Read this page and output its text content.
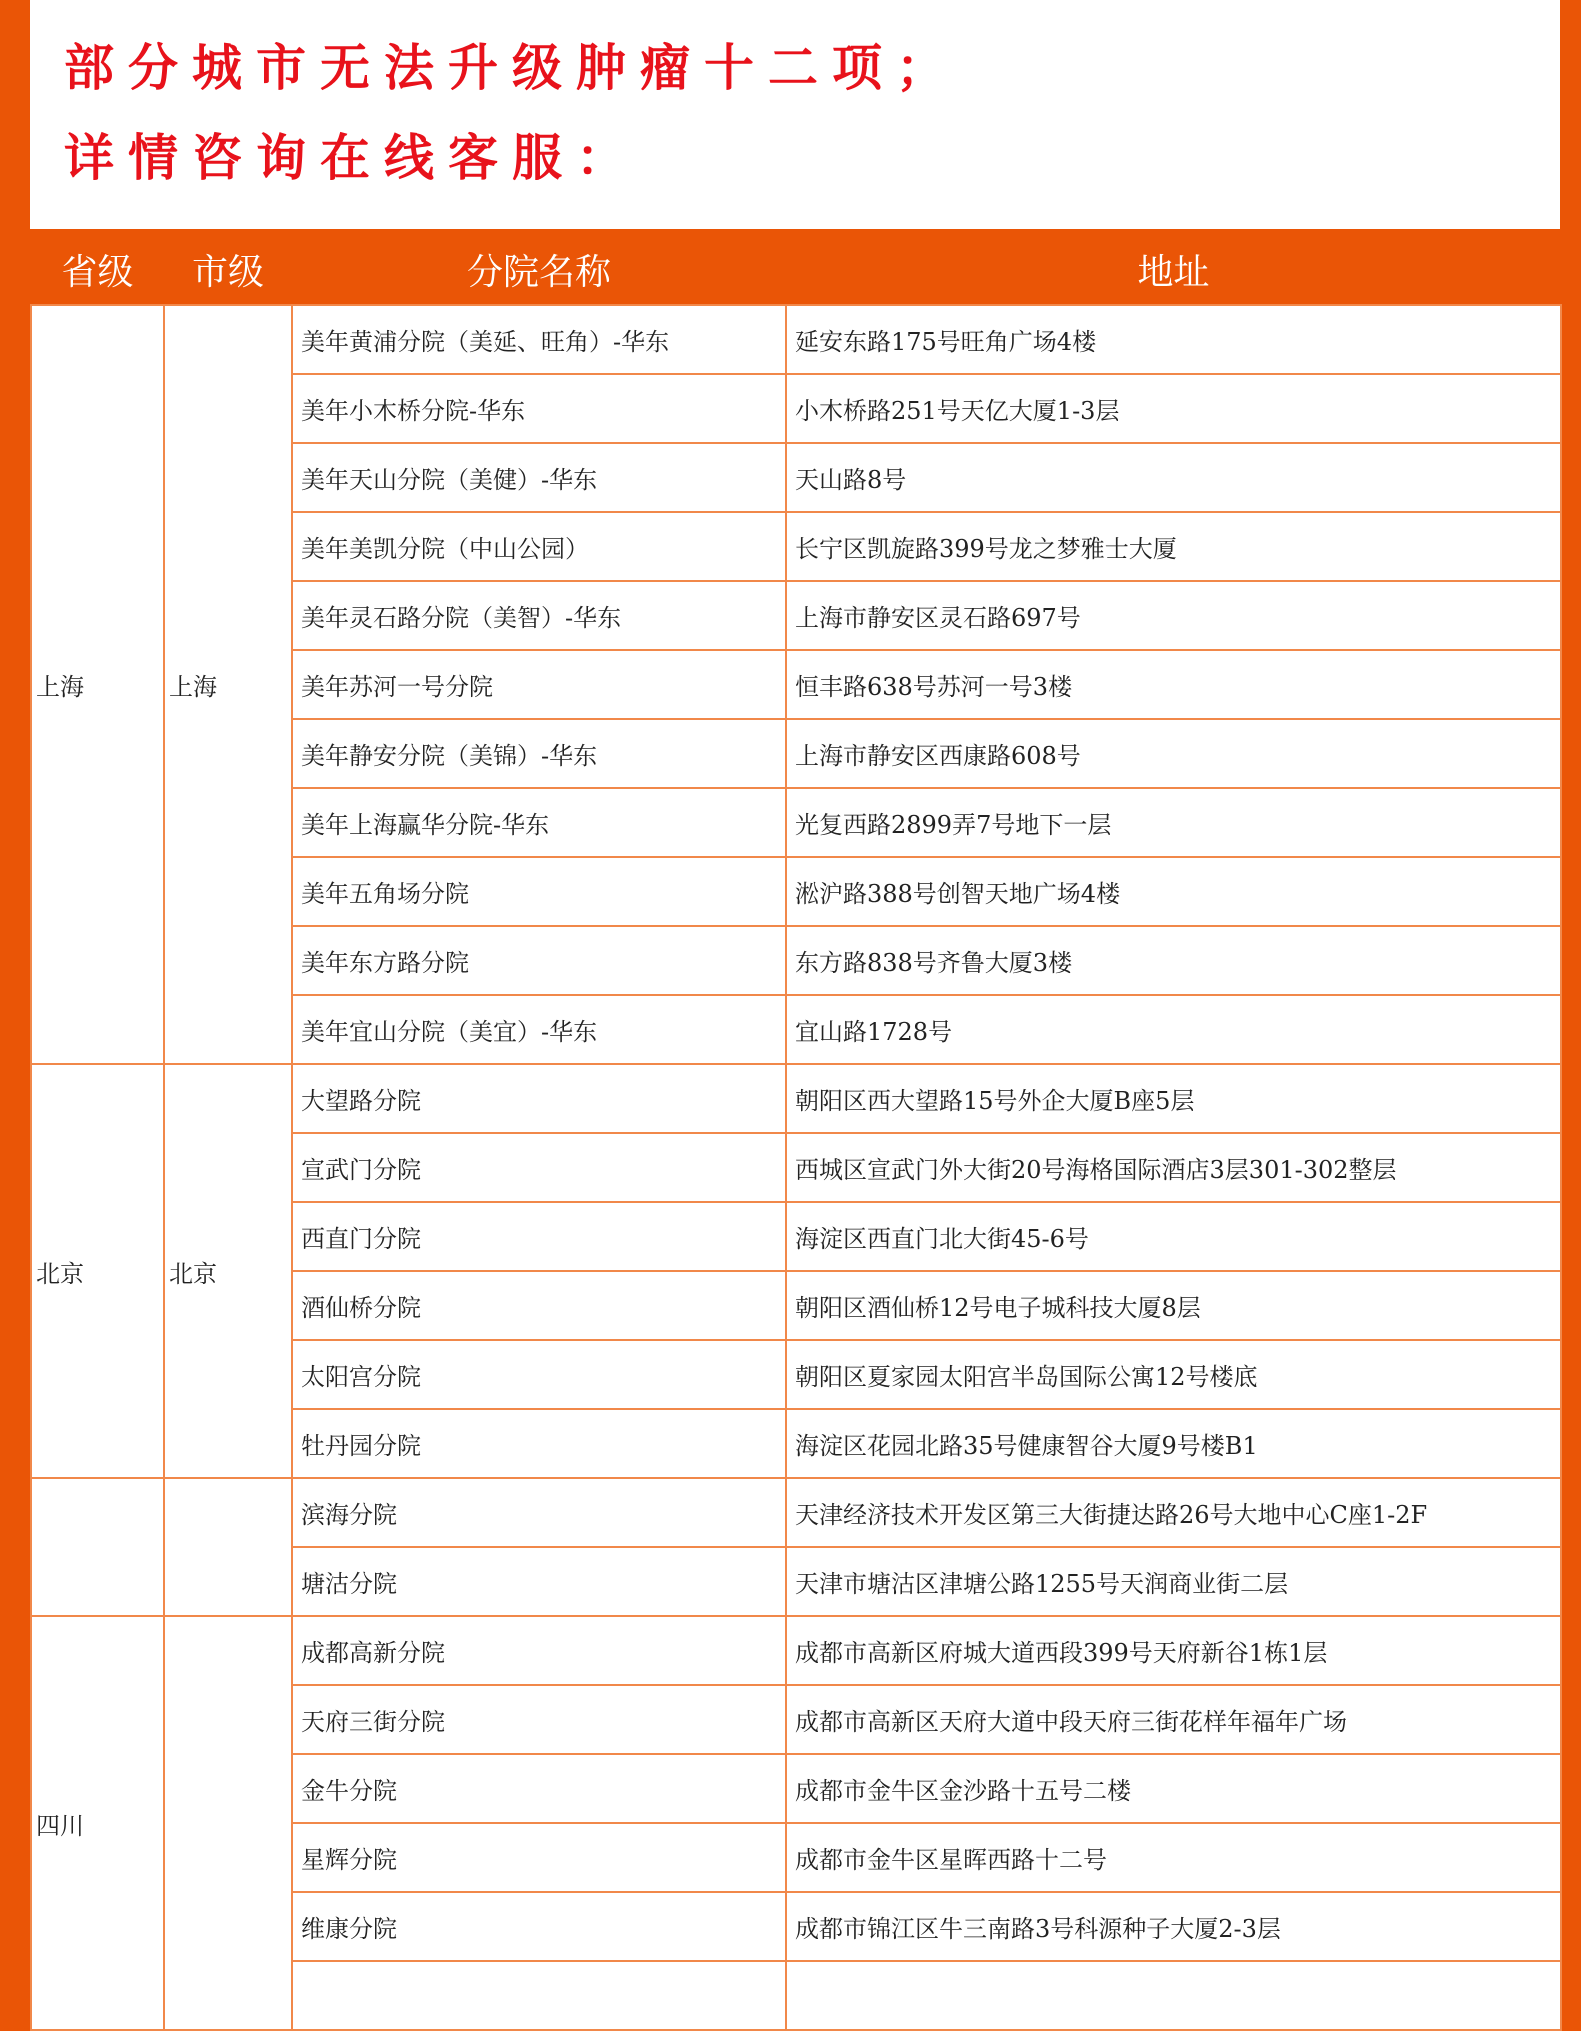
部分城市无法升级肿瘤十二项；

详情咨询在线客服：

省级	市级	分院名称	地址
上海	上海	美年黄浦分院（美延、旺角）-华东	延安东路175号旺角广场4楼
		美年小木桥分院-华东	小木桥路251号天亿大厦1-3层
		美年天山分院（美健）-华东	天山路8号
		美年美凯分院（中山公园）	长宁区凯旋路399号龙之梦雅士大厦
		美年灵石路分院（美智）-华东	上海市静安区灵石路697号
		美年苏河一号分院	恒丰路638号苏河一号3楼
		美年静安分院（美锦）-华东	上海市静安区西康路608号
		美年上海赢华分院-华东	光复西路2899弄7号地下一层
		美年五角场分院	淞沪路388号创智天地广场4楼
		美年东方路分院	东方路838号齐鲁大厦3楼
		美年宜山分院（美宜）-华东	宜山路1728号
北京	北京	大望路分院	朝阳区西大望路15号外企大厦B座5层
		宣武门分院	西城区宣武门外大街20号海格国际酒店3层301-302整层
		西直门分院	海淀区西直门北大街45-6号
		酒仙桥分院	朝阳区酒仙桥12号电子城科技大厦8层
		太阳宫分院	朝阳区夏家园太阳宫半岛国际公寓12号楼底
		牡丹园分院	海淀区花园北路35号健康智谷大厦9号楼B1
		滨海分院	天津经济技术开发区第三大街捷达路26号大地中心C座1-2F
		塘沽分院	天津市塘沽区津塘公路1255号天润商业街二层
四川		成都高新分院	成都市高新区府城大道西段399号天府新谷1栋1层
		天府三街分院	成都市高新区天府大道中段天府三街花样年福年广场
		金牛分院	成都市金牛区金沙路十五号二楼
		星辉分院	成都市金牛区星晖西路十二号
		维康分院	成都市锦江区牛三南路3号科源种子大厦2-3层
